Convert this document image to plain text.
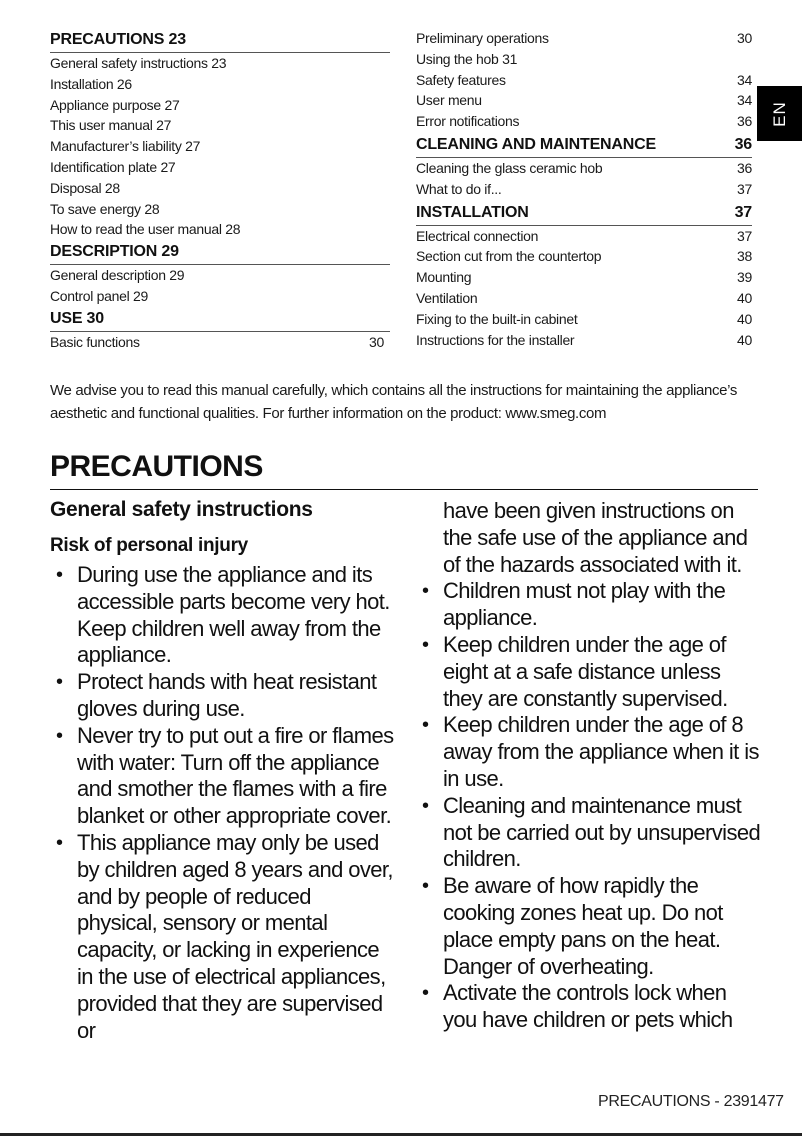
PRECAUTIONS 23
General safety instructions 23
Installation 26
Appliance purpose 27
This user manual 27
Manufacturer’s liability 27
Identification plate 27
Disposal 28
To save energy 28
How to read the user manual 28
DESCRIPTION 29
General description 29
Control panel 29
USE 30
Basic functions	30
Preliminary operations	30
Using the hob 31
Safety features	34
User menu	34
Error notifications	36
CLEANING AND MAINTENANCE	36
Cleaning the glass ceramic hob	36
What to do if...	37
INSTALLATION	37
Electrical connection	37
Section cut from the countertop	38
Mounting	39
Ventilation	40
Fixing to the built-in cabinet	40
Instructions for the installer	40
EN

We advise you to read this manual carefully, which contains all the instructions for maintaining the appliance’s aesthetic and functional qualities. For further information on the product: www.smeg.com

PRECAUTIONS
General safety instructions
Risk of personal injury
• During use the appliance and its accessible parts become very hot. Keep children well away from the appliance.
• Protect hands with heat resistant gloves during use.
• Never try to put out a fire or flames with water: Turn off the appliance and smother the flames with a fire blanket or other appropriate cover.
• This appliance may only be used by children aged 8 years and over, and by people of reduced physical, sensory or mental capacity, or lacking in experience in the use of electrical appliances, provided that they are supervised or
have been given instructions on the safe use of the appliance and of the hazards associated with it.
• Children must not play with the appliance.
• Keep children under the age of eight at a safe distance unless they are constantly supervised.
• Keep children under the age of 8 away from the appliance when it is in use.
• Cleaning and maintenance must not be carried out by unsupervised children.
• Be aware of how rapidly the cooking zones heat up. Do not place empty pans on the heat. Danger of overheating.
• Activate the controls lock when you have children or pets which
PRECAUTIONS - 2391477
